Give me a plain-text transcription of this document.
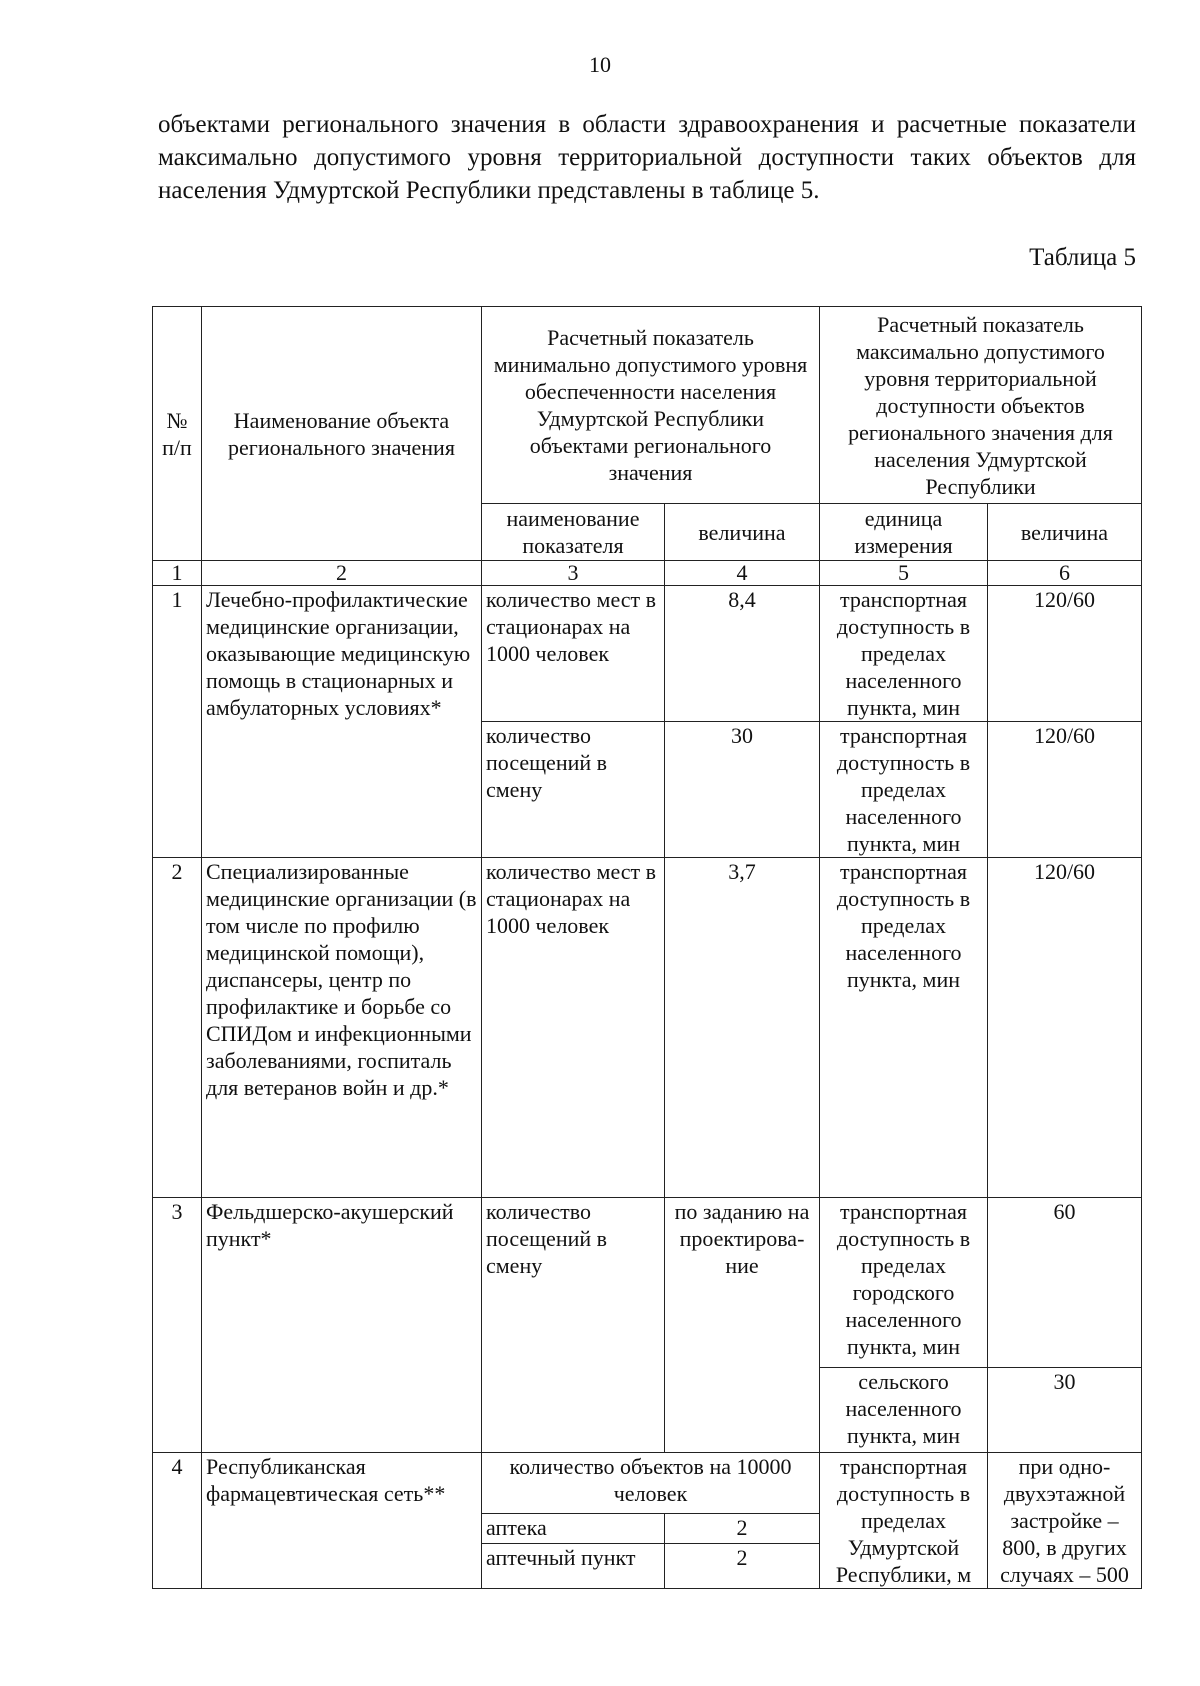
10
объектами регионального значения в области здравоохранения и расчетные показатели максимально допустимого уровня территориальной доступности таких объектов для населения Удмуртской Республики представлены в таблице 5.
Таблица 5
№ п/п	Наименование объекта регионального значения	Расчетный показатель минимально допустимого уровня обеспеченности населения Удмуртской Республики объектами регионального значения		Расчетный показатель максимально допустимого уровня территориальной доступности объектов регионального значения для населения Удмуртской Республики	
		наименование показателя	величина	единица измерения	величина
1	2	3	4	5	6
1	Лечебно-профилактические медицинские организации, оказывающие медицинскую помощь в стационарных и амбулаторных условиях*	количество мест в стационарах на 1000 человек	8,4	транспортная доступность в пределах населенного пункта, мин	120/60
		количество посещений в смену	30	транспортная доступность в пределах населенного пункта, мин	120/60
2	Специализированные медицинские организации (в том числе по профилю медицинской помощи), диспансеры, центр по профилактике и борьбе со СПИДом и инфекционными заболеваниями, госпиталь для ветеранов войн и др.*	количество мест в стационарах на 1000 человек	3,7	транспортная доступность в пределах населенного пункта, мин	120/60
3	Фельдшерско-акушерский пункт*	количество посещений в смену	по заданию на проектирова-ние	транспортная доступность в пределах городского населенного пункта, мин	60
				сельского населенного пункта, мин	30
4	Республиканская фармацевтическая сеть**	количество объектов на 10000 человек		транспортная доступность в пределах Удмуртской Республики, м	при одно-двухэтажной застройке – 800, в других случаях – 500
		аптека	2		
		аптечный пункт	2		
